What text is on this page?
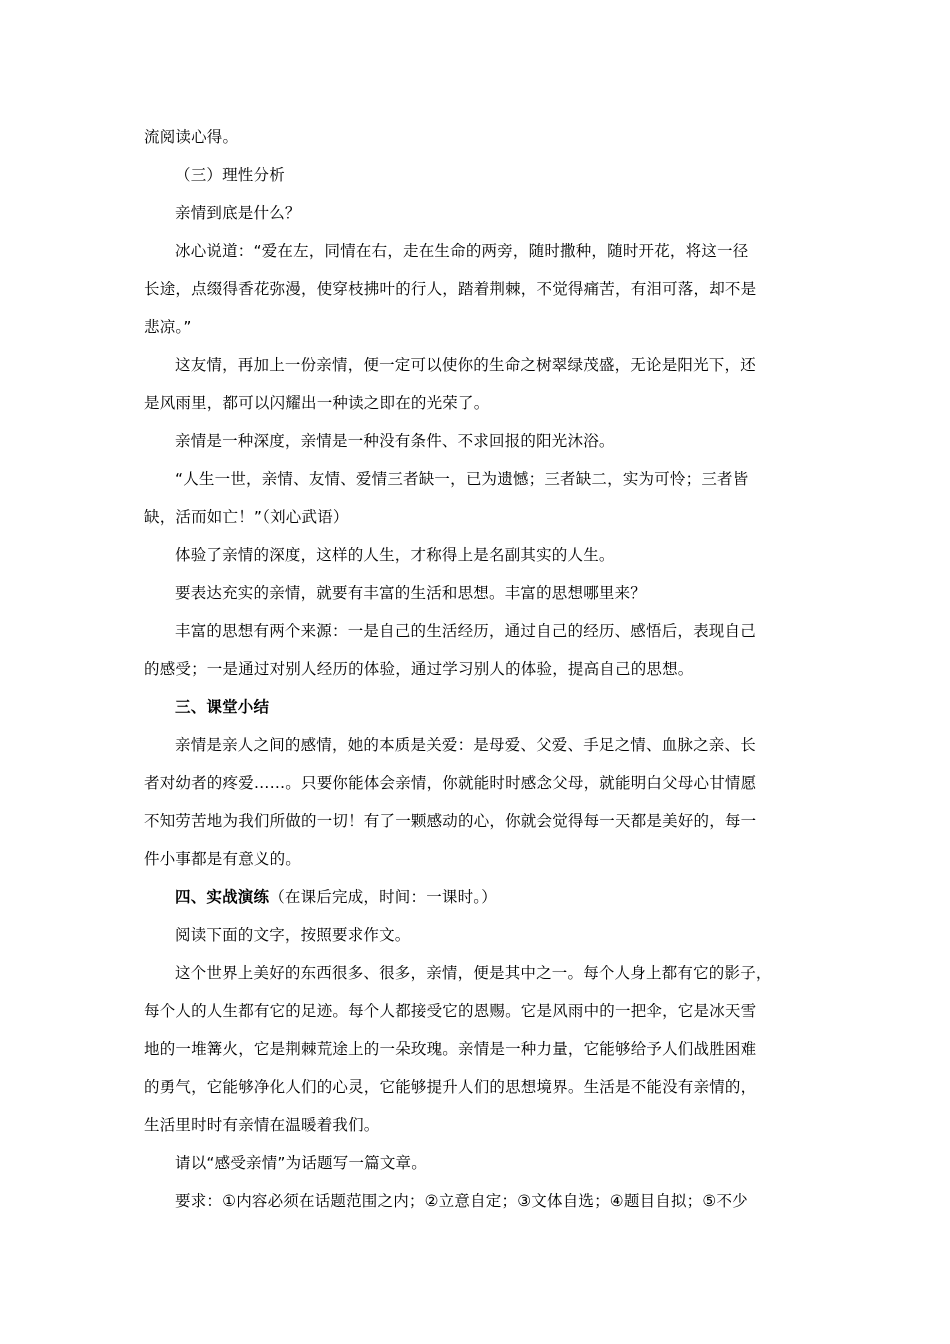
流阅读心得。
（三）理性分析
亲情到底是什么？
冰心说道：“爱在左，同情在右，走在生命的两旁，随时撒种，随时开花，将这一径
长途，点缀得香花弥漫，使穿枝拂叶的行人，踏着荆棘，不觉得痛苦，有泪可落，却不是
悲凉。”
这友情，再加上一份亲情，便一定可以使你的生命之树翠绿茂盛，无论是阳光下，还
是风雨里，都可以闪耀出一种读之即在的光荣了。
亲情是一种深度，亲情是一种没有条件、不求回报的阳光沐浴。
“人生一世，亲情、友情、爱情三者缺一，已为遗憾；三者缺二，实为可怜；三者皆
缺，活而如亡！”（刘心武语）
体验了亲情的深度，这样的人生，才称得上是名副其实的人生。
要表达充实的亲情，就要有丰富的生活和思想。丰富的思想哪里来？
丰富的思想有两个来源：一是自己的生活经历，通过自己的经历、感悟后，表现自己
的感受；一是通过对别人经历的体验，通过学习别人的体验，提高自己的思想。
三、课堂小结
亲情是亲人之间的感情，她的本质是关爱：是母爱、父爱、手足之情、血脉之亲、长
者对幼者的疼爱……。只要你能体会亲情，你就能时时感念父母，就能明白父母心甘情愿
不知劳苦地为我们所做的一切！有了一颗感动的心，你就会觉得每一天都是美好的，每一
件小事都是有意义的。
四、实战演练（在课后完成，时间：一课时。）
阅读下面的文字，按照要求作文。
这个世界上美好的东西很多、很多，亲情，便是其中之一。每个人身上都有它的影子，
每个人的人生都有它的足迹。每个人都接受它的恩赐。它是风雨中的一把伞，它是冰天雪
地的一堆篝火，它是荆棘荒途上的一朵玫瑰。亲情是一种力量，它能够给予人们战胜困难
的勇气，它能够净化人们的心灵，它能够提升人们的思想境界。生活是不能没有亲情的，
生活里时时有亲情在温暖着我们。
请以“感受亲情”为话题写一篇文章。
要求：①内容必须在话题范围之内；②立意自定；③文体自选；④题目自拟；⑤不少
